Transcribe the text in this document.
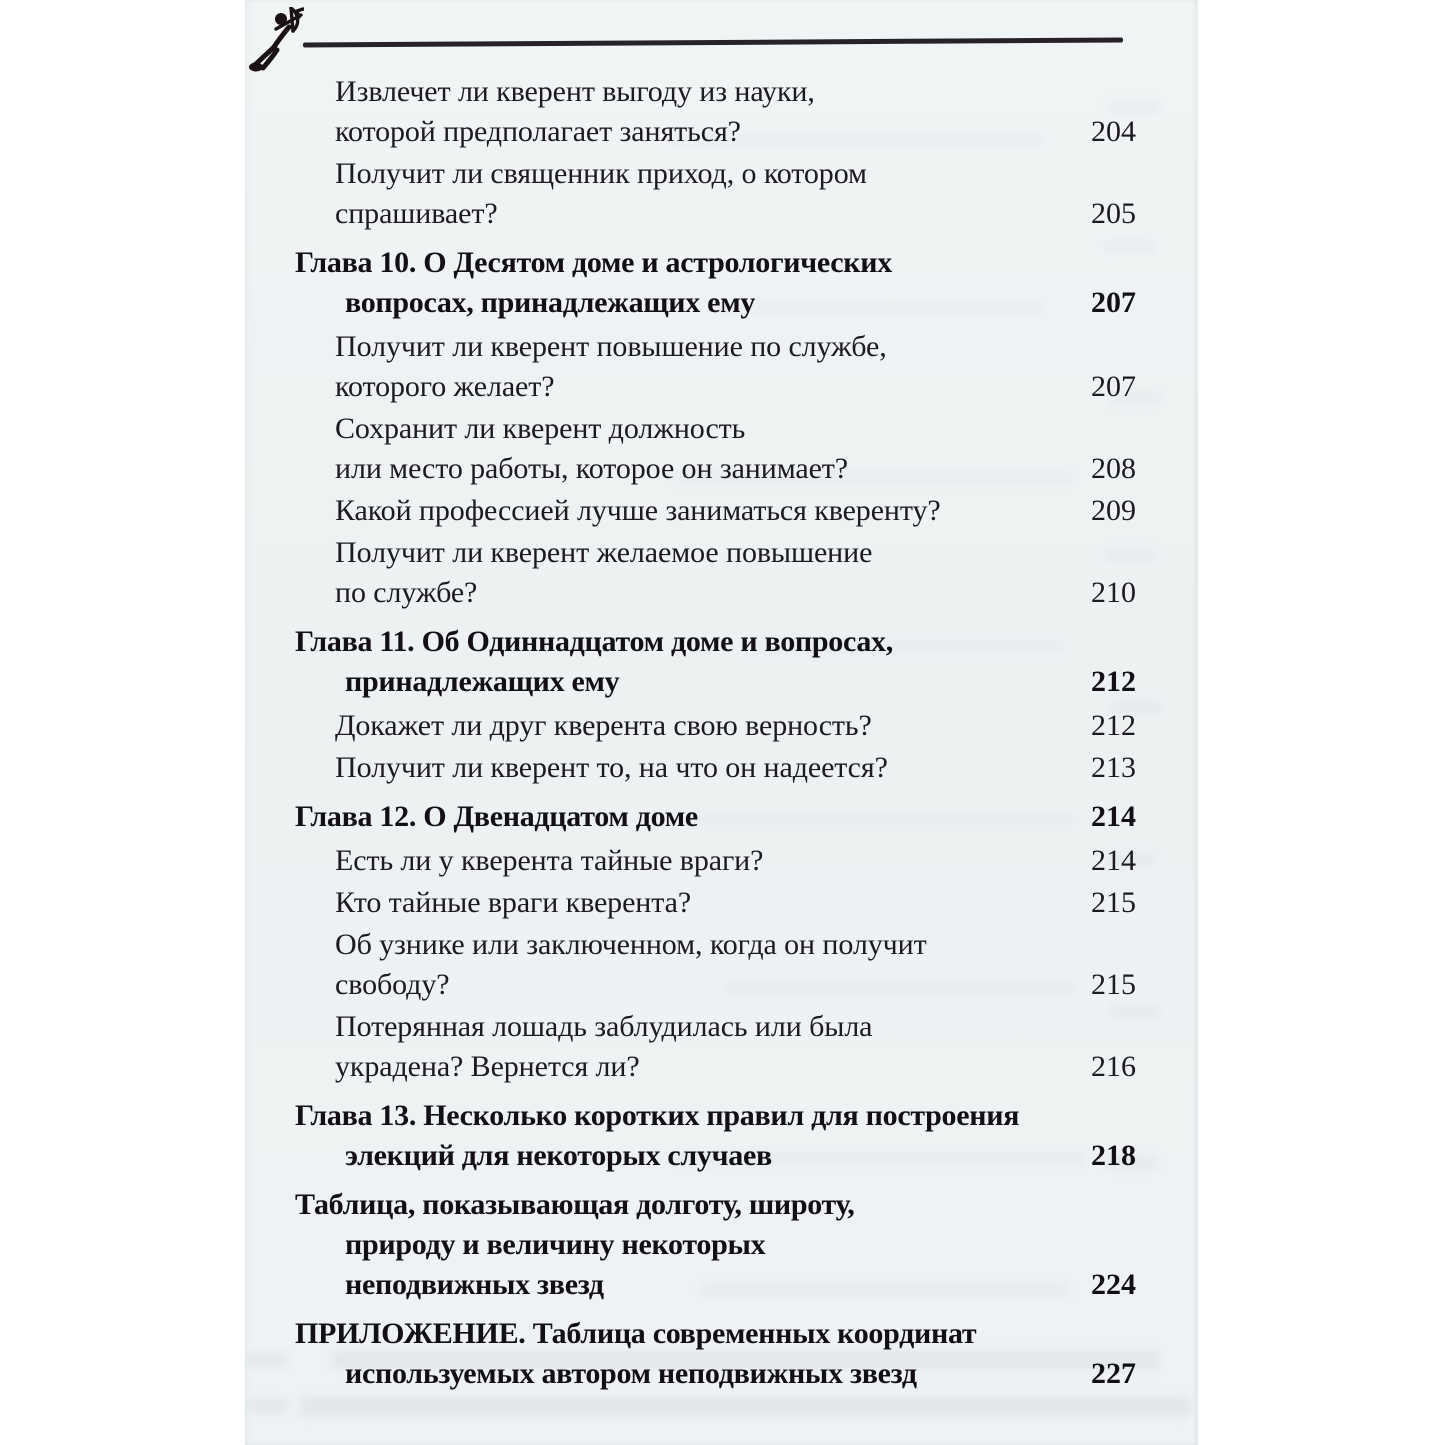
Извлечет ли кверент выгоду из науки,
которой предполагает заняться?	204
Получит ли священник приход, о котором
спрашивает?	205
Глава 10. О Десятом доме и астрологических
вопросах, принадлежащих ему	207
Получит ли кверент повышение по службе,
которого желает?	207
Сохранит ли кверент должность
или место работы, которое он занимает?	208
Какой профессией лучше заниматься кверенту?	209
Получит ли кверент желаемое повышение
по службе?	210
Глава 11. Об Одиннадцатом доме и вопросах,
принадлежащих ему	212
Докажет ли друг кверента свою верность?	212
Получит ли кверент то, на что он надеется?	213
Глава 12. О Двенадцатом доме	214
Есть ли у кверента тайные враги?	214
Кто тайные враги кверента?	215
Об узнике или заключенном, когда он получит
свободу?	215
Потерянная лошадь заблудилась или была
украдена? Вернется ли?	216
Глава 13. Несколько коротких правил для построения
элекций для некоторых случаев	218
Таблица, показывающая долготу, широту,
природу и величину некоторых
неподвижных звезд	224
ПРИЛОЖЕНИЕ. Таблица современных координат
используемых автором неподвижных звезд	227
